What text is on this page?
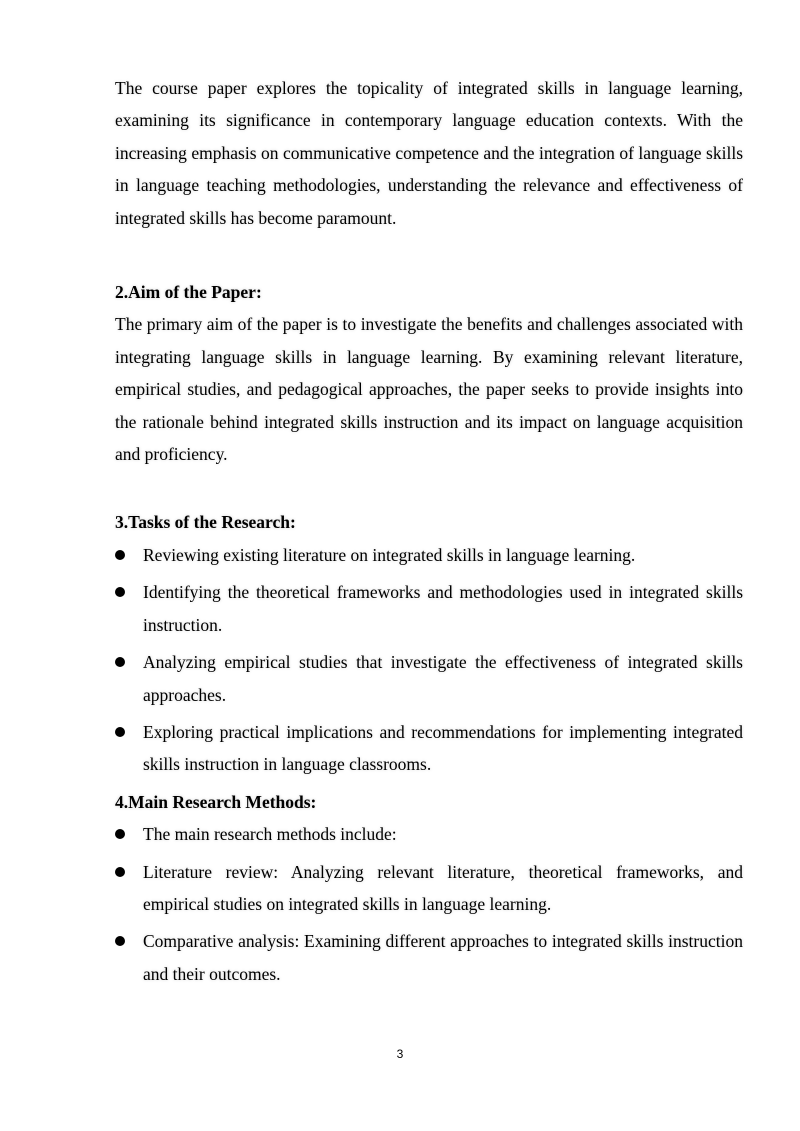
The course paper explores the topicality of integrated skills in language learning, examining its significance in contemporary language education contexts. With the increasing emphasis on communicative competence and the integration of language skills in language teaching methodologies, understanding the relevance and effectiveness of integrated skills has become paramount.

2.Aim of the Paper:

The primary aim of the paper is to investigate the benefits and challenges associated with integrating language skills in language learning. By examining relevant literature, empirical studies, and pedagogical approaches, the paper seeks to provide insights into the rationale behind integrated skills instruction and its impact on language acquisition and proficiency.

3.Tasks of the Research:
Reviewing existing literature on integrated skills in language learning.
Identifying the theoretical frameworks and methodologies used in integrated skills instruction.
Analyzing empirical studies that investigate the effectiveness of integrated skills approaches.
Exploring practical implications and recommendations for implementing integrated skills instruction in language classrooms.
4.Main Research Methods:
The main research methods include:
Literature review: Analyzing relevant literature, theoretical frameworks, and empirical studies on integrated skills in language learning.
Comparative analysis: Examining different approaches to integrated skills instruction and their outcomes.
3
